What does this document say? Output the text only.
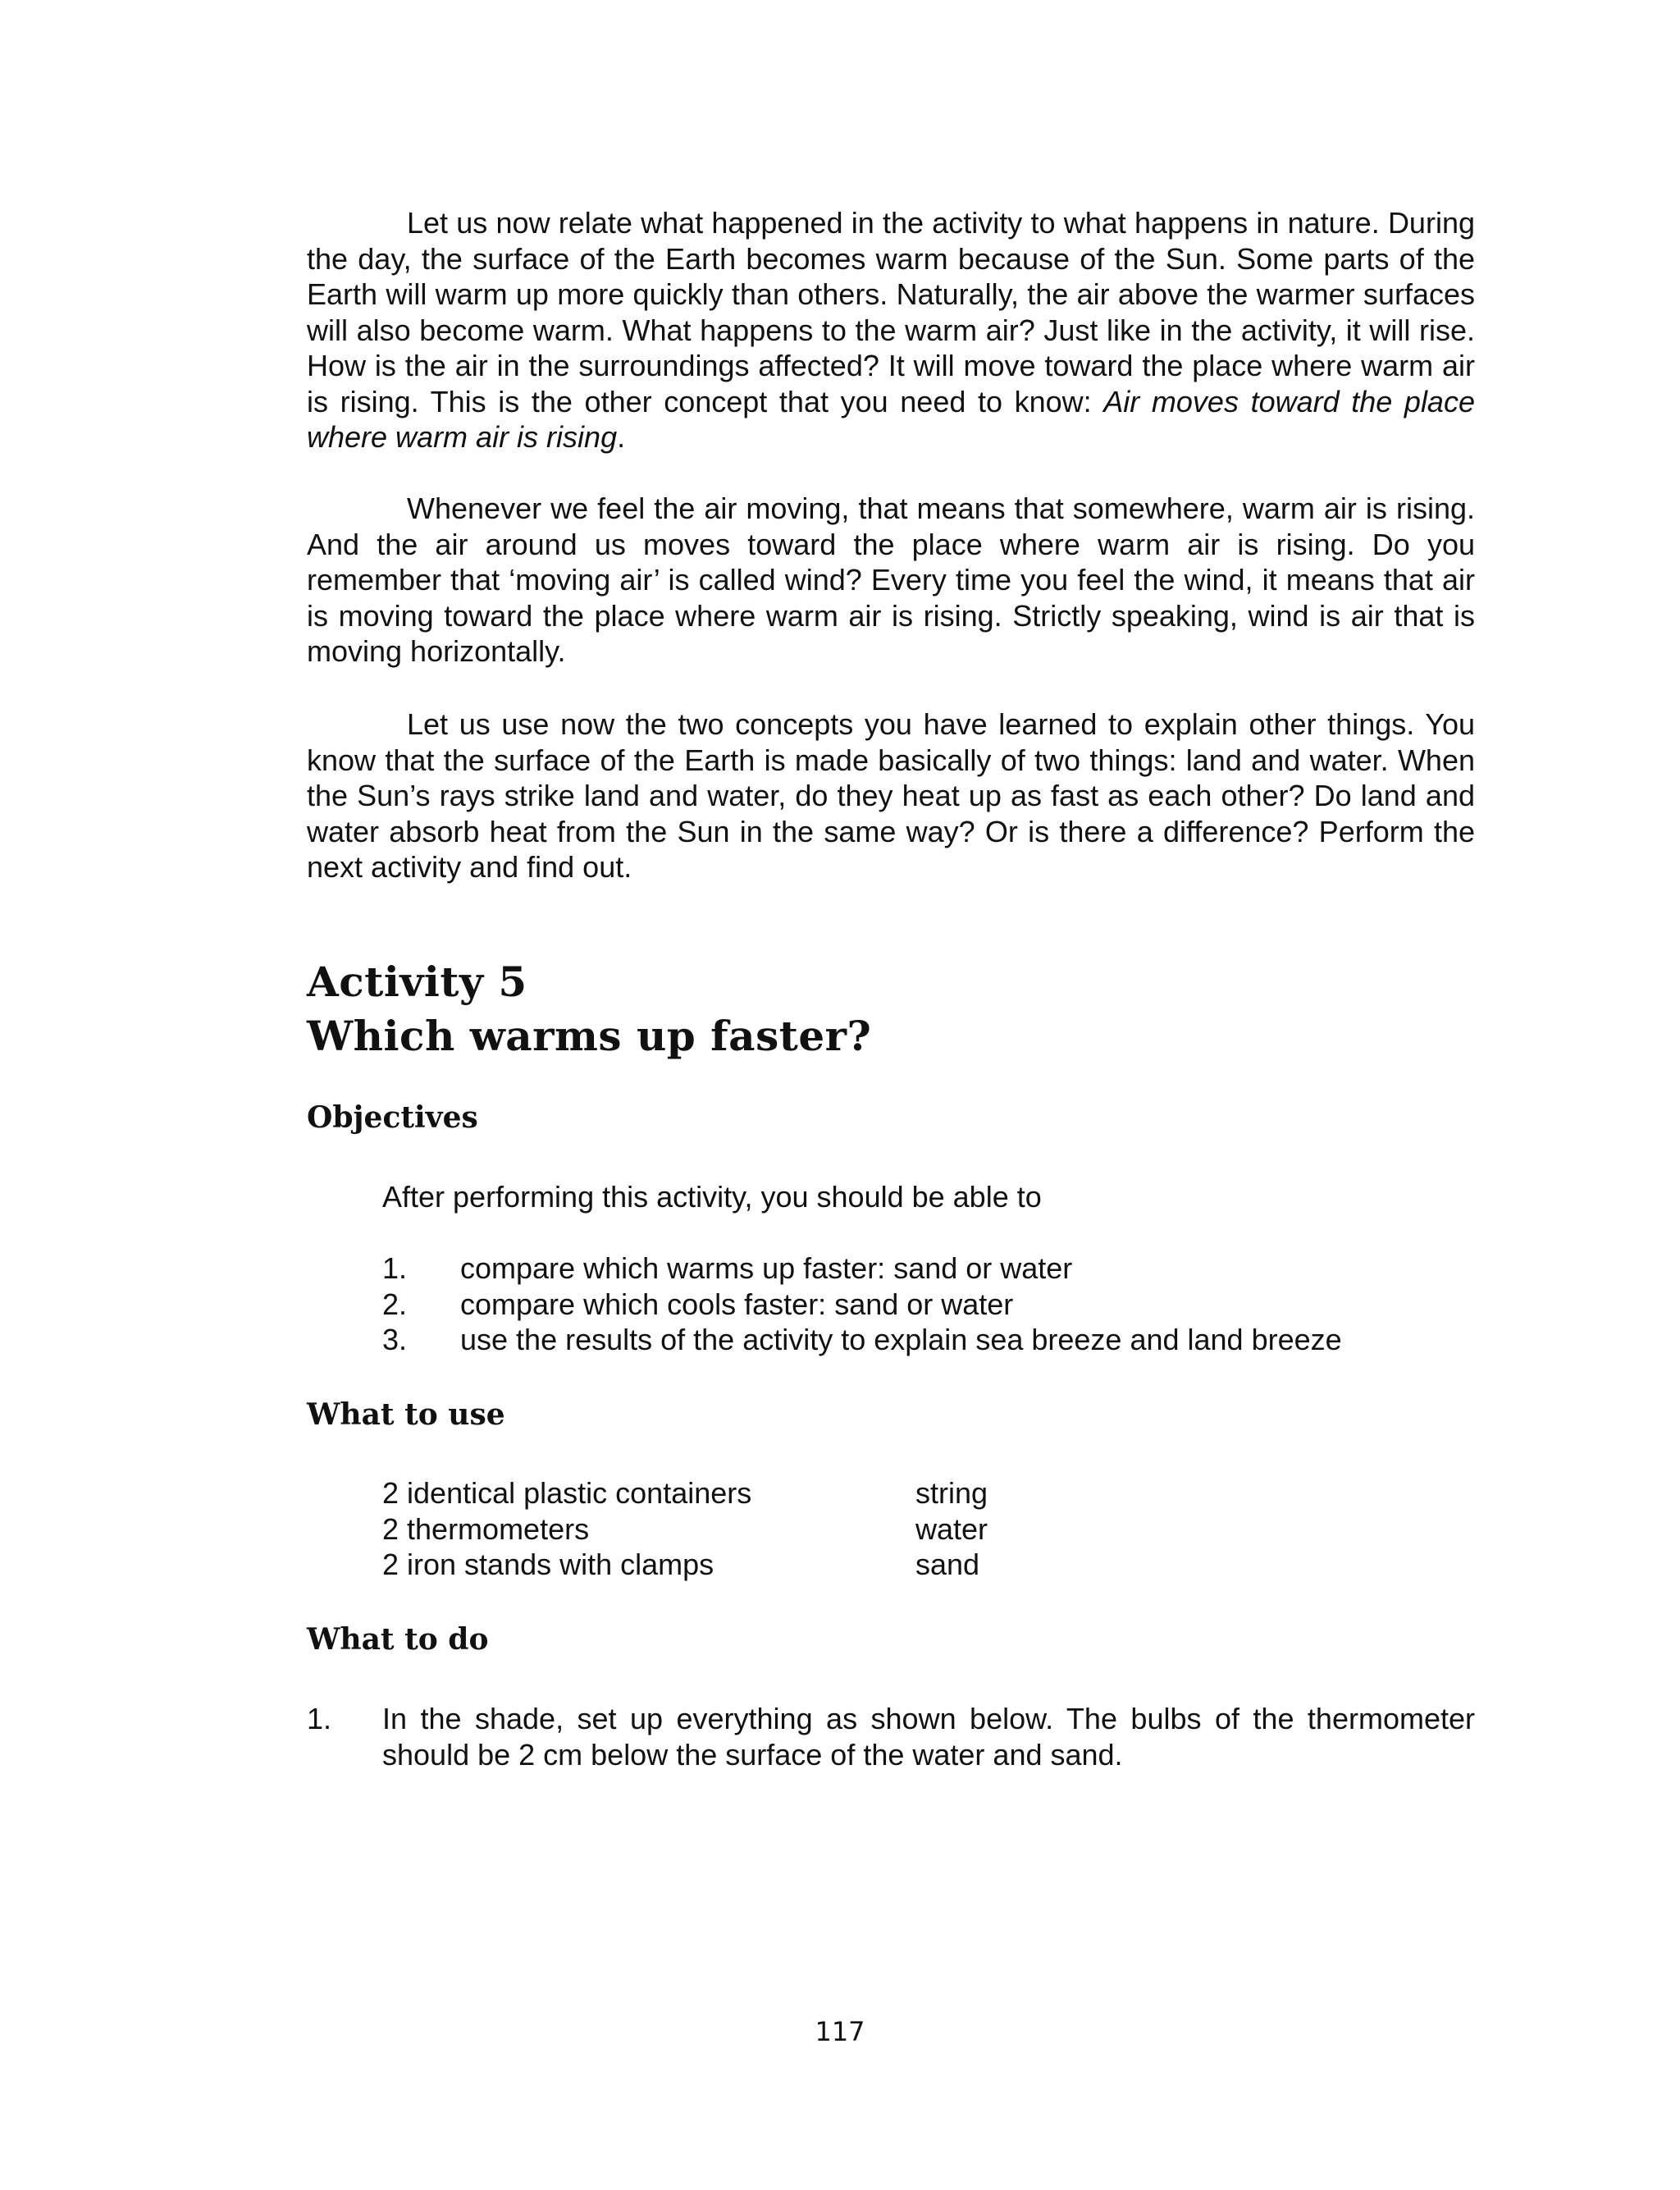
Let us now relate what happened in the activity to what happens in nature. During the day, the surface of the Earth becomes warm because of the Sun. Some parts of the Earth will warm up more quickly than others. Naturally, the air above the warmer surfaces will also become warm. What happens to the warm air? Just like in the activity, it will rise. How is the air in the surroundings affected? It will move toward the place where warm air is rising. This is the other concept that you need to know: Air moves toward the place where warm air is rising.

Whenever we feel the air moving, that means that somewhere, warm air is rising. And the air around us moves toward the place where warm air is rising. Do you remember that ‘moving air’ is called wind? Every time you feel the wind, it means that air is moving toward the place where warm air is rising. Strictly speaking, wind is air that is moving horizontally.

Let us use now the two concepts you have learned to explain other things. You know that the surface of the Earth is made basically of two things: land and water. When the Sun’s rays strike land and water, do they heat up as fast as each other? Do land and water absorb heat from the Sun in the same way? Or is there a difference? Perform the next activity and find out.

Activity 5
Which warms up faster?
Objectives

After performing this activity, you should be able to

1. compare which warms up faster: sand or water
2. compare which cools faster: sand or water
3. use the results of the activity to explain sea breeze and land breeze
What to use
2 identical plastic containers	string
2 thermometers	water
2 iron stands with clamps	sand
What to do
1. In the shade, set up everything as shown below. The bulbs of the thermometer should be 2 cm below the surface of the water and sand.
117
